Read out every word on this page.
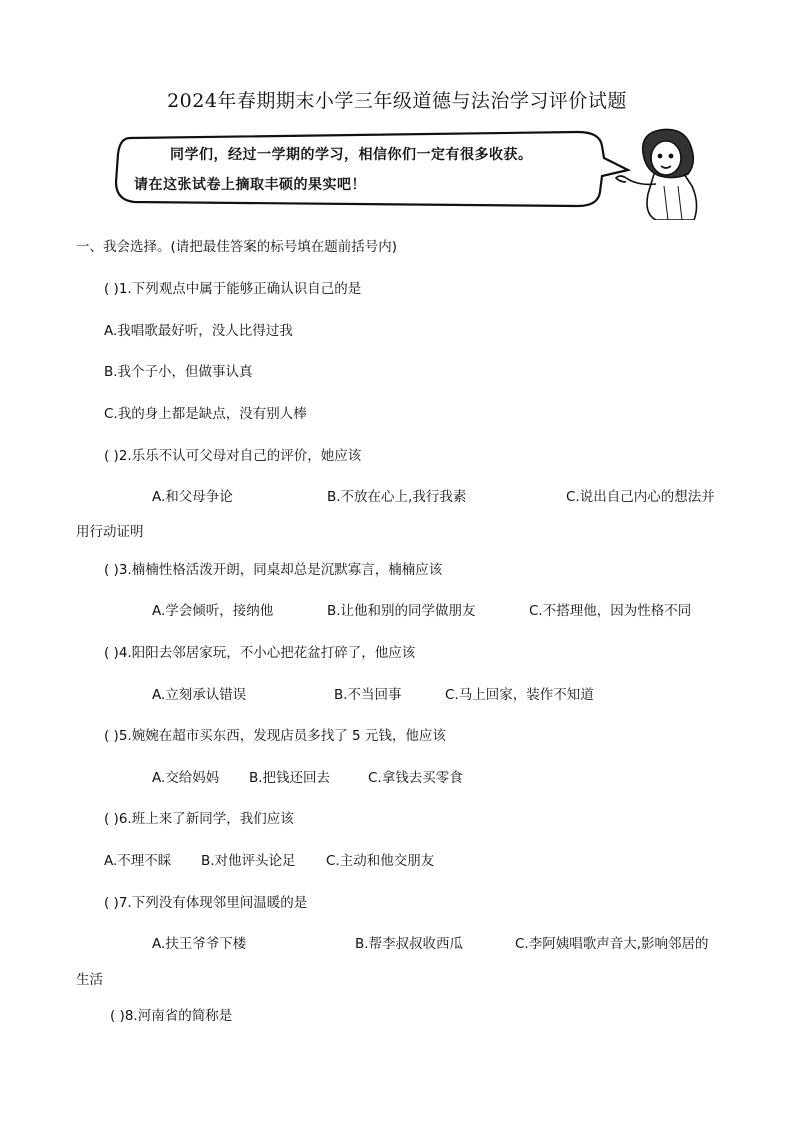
2024年春期期末小学三年级道德与法治学习评价试题
同学们，经过一学期的学习，相信你们一定有很多收获。
请在这张试卷上摘取丰硕的果实吧！
一、我会选择。(请把最佳答案的标号填在题前括号内)
( )1.下列观点中属于能够正确认识自己的是
A.我唱歌最好听，没人比得过我
B.我个子小，但做事认真
C.我的身上都是缺点，没有别人棒
( )2.乐乐不认可父母对自己的评价，她应该
A.和父母争论	B.不放在心上,我行我素	C.说出自己内心的想法并
用行动证明
( )3.楠楠性格活泼开朗，同桌却总是沉默寡言，楠楠应该
A.学会倾听，接纳他	B.让他和别的同学做朋友	C.不搭理他，因为性格不同
( )4.阳阳去邻居家玩，不小心把花盆打碎了，他应该
A.立刻承认错误	B.不当回事	C.马上回家，装作不知道
( )5.婉婉在超市买东西，发现店员多找了 5 元钱，他应该
A.交给妈妈 B.把钱还回去	C.拿钱去买零食
( )6.班上来了新同学，我们应该
A.不理不睬 B.对他评头论足 C.主动和他交朋友
( )7.下列没有体现邻里间温暖的是
A.扶王爷爷下楼	B.帮李叔叔收西瓜	C.李阿姨唱歌声音大,影响邻居的
生活
( )8.河南省的简称是
